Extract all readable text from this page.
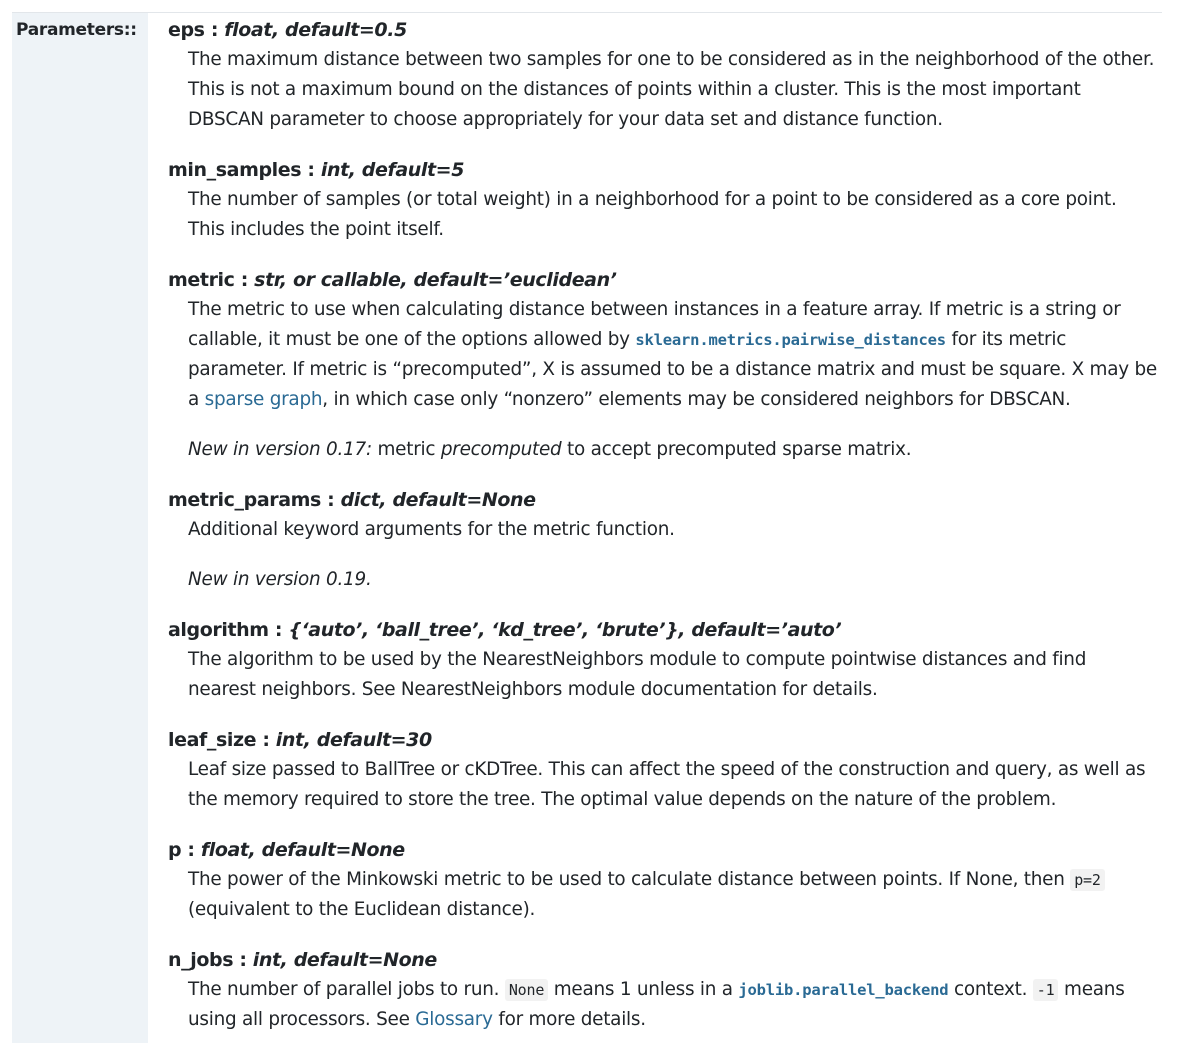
Parameters::	eps : float, default=0.5

The maximum distance between two samples for one to be considered as in the neighborhood of the other. This is not a maximum bound on the distances of points within a cluster. This is the most important DBSCAN parameter to choose appropriately for your data set and distance function.

min_samples : int, default=5

The number of samples (or total weight) in a neighborhood for a point to be considered as a core point. This includes the point itself.

metric : str, or callable, default=’euclidean’

The metric to use when calculating distance between instances in a feature array. If metric is a string or callable, it must be one of the options allowed by sklearn.metrics.pairwise_distances for its metric parameter. If metric is “precomputed”, X is assumed to be a distance matrix and must be square. X may be a sparse graph, in which case only “nonzero” elements may be considered neighbors for DBSCAN.

New in version 0.17: metric precomputed to accept precomputed sparse matrix.

metric_params : dict, default=None

Additional keyword arguments for the metric function.

New in version 0.19.

algorithm : {‘auto’, ‘ball_tree’, ‘kd_tree’, ‘brute’}, default=’auto’

The algorithm to be used by the NearestNeighbors module to compute pointwise distances and find nearest neighbors. See NearestNeighbors module documentation for details.

leaf_size : int, default=30

Leaf size passed to BallTree or cKDTree. This can affect the speed of the construction and query, as well as the memory required to store the tree. The optimal value depends on the nature of the problem.

p : float, default=None

The power of the Minkowski metric to be used to calculate distance between points. If None, then p=2 (equivalent to the Euclidean distance).

n_jobs : int, default=None

The number of parallel jobs to run. None means 1 unless in a joblib.parallel_backend context. -1 means using all processors. See Glossary for more details.
